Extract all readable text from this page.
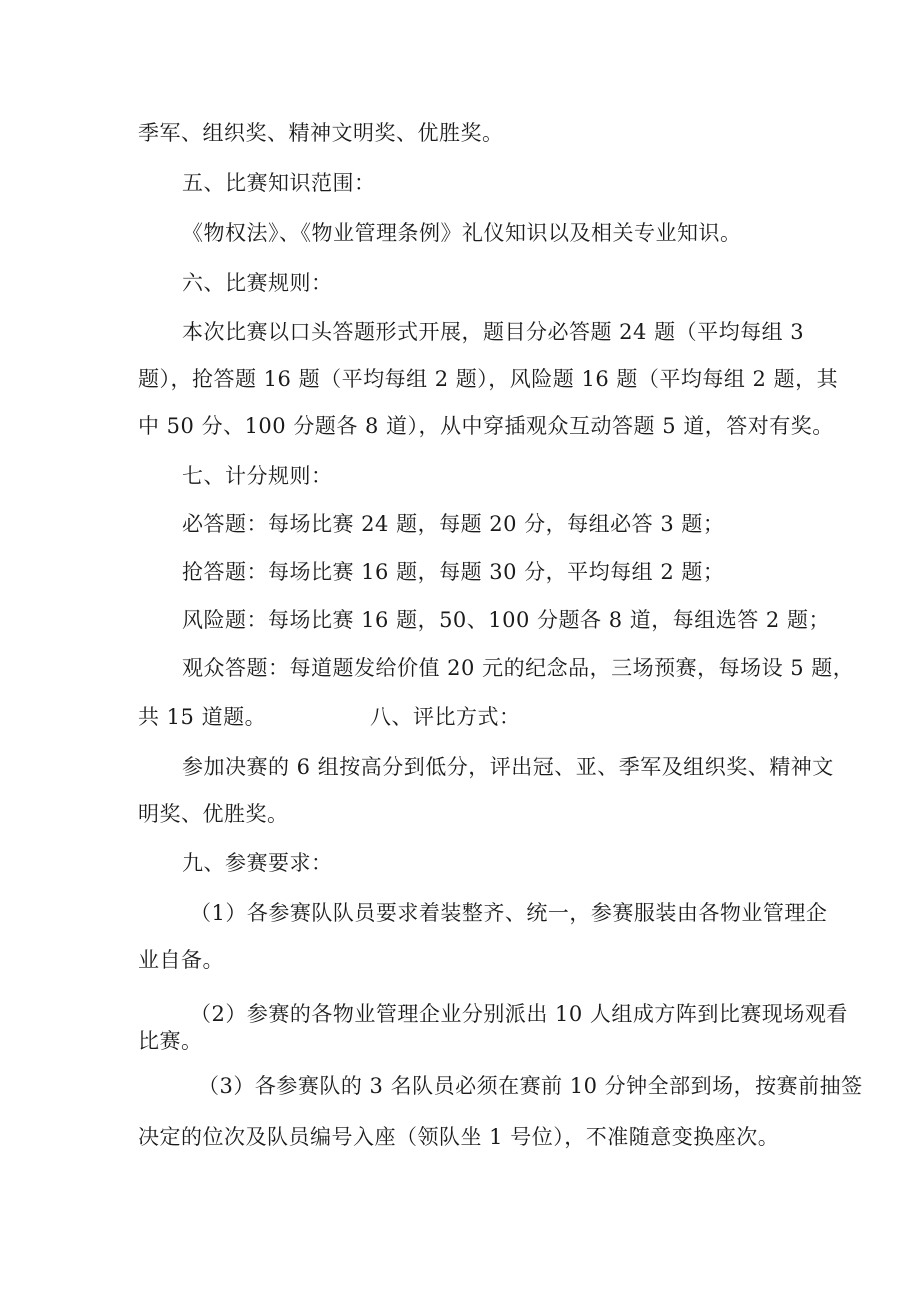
季军、组织奖、精神文明奖、优胜奖。
五、比赛知识范围：
《物权法》、《物业管理条例》礼仪知识以及相关专业知识。
六、比赛规则：
本次比赛以口头答题形式开展，题目分必答题 24 题（平均每组 3
题），抢答题 16 题（平均每组 2 题），风险题 16 题（平均每组 2 题，其
中 50 分、100 分题各 8 道），从中穿插观众互动答题 5 道，答对有奖。
七、计分规则：
必答题：每场比赛 24 题，每题 20 分，每组必答 3 题；
抢答题：每场比赛 16 题，每题 30 分，平均每组 2 题；
风险题：每场比赛 16 题，50、100 分题各 8 道，每组选答 2 题；
观众答题：每道题发给价值 20 元的纪念品，三场预赛，每场设 5 题，
共 15 道题。	八、评比方式：
参加决赛的 6 组按高分到低分，评出冠、亚、季军及组织奖、精神文
明奖、优胜奖。
九、参赛要求：
（1）各参赛队队员要求着装整齐、统一，参赛服装由各物业管理企
业自备。
（2）参赛的各物业管理企业分别派出 10 人组成方阵到比赛现场观看
比赛。
（3）各参赛队的 3 名队员必须在赛前 10 分钟全部到场，按赛前抽签
决定的位次及队员编号入座（领队坐 1 号位），不准随意变换座次。
